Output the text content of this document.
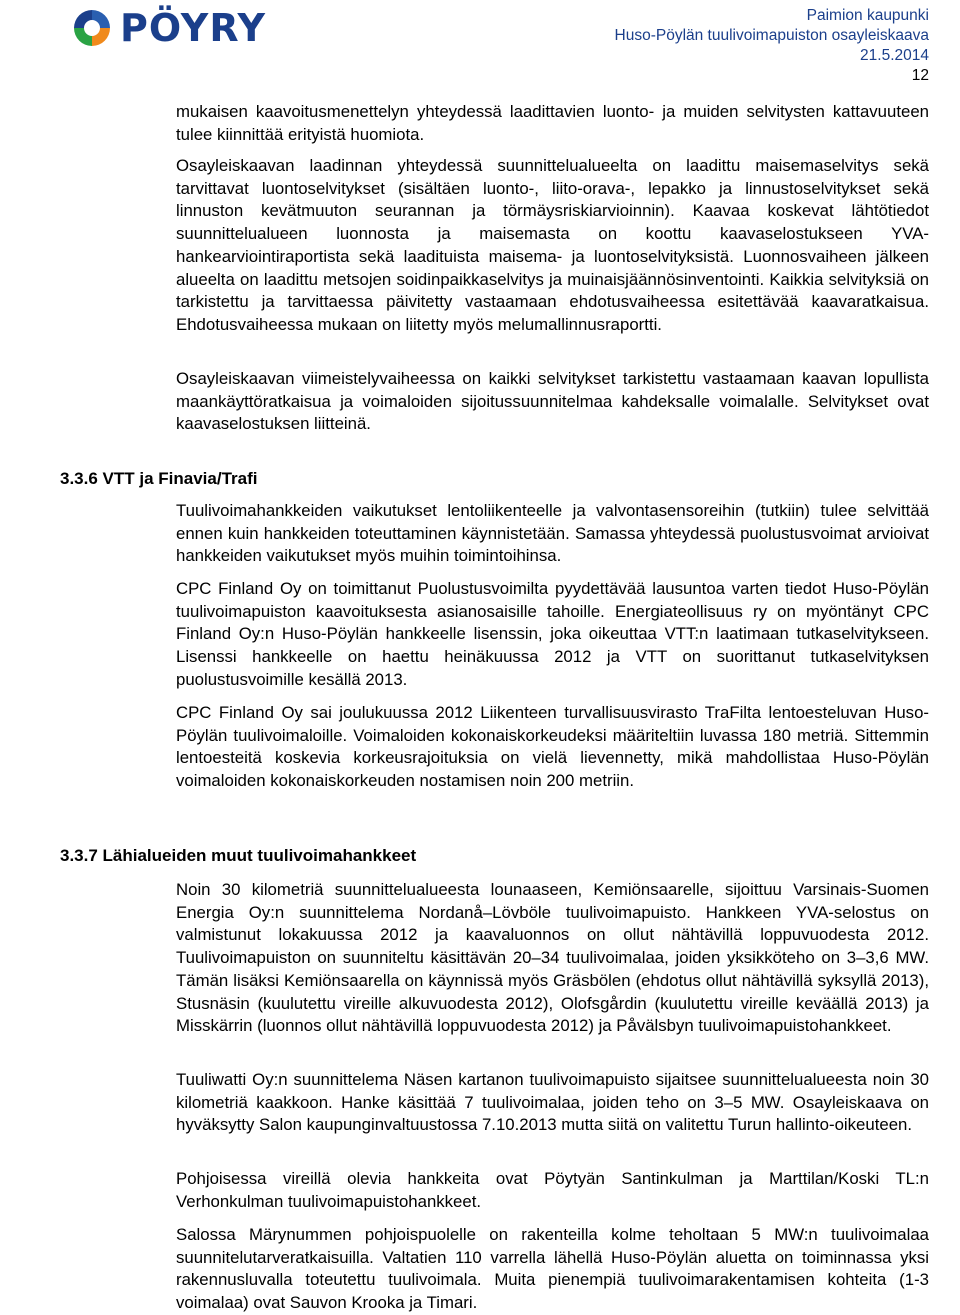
PÖYRY	Paimion kaupunki
Huso-Pöylän tuulivoimapuiston osayleiskaava
21.5.2014
12

mukaisen kaavoitusmenettelyn yhteydessä laadittavien luonto- ja muiden selvitysten kattavuuteen tulee kiinnittää erityistä huomiota.

Osayleiskaavan laadinnan yhteydessä suunnittelualueelta on laadittu maisemaselvitys sekä tarvittavat luontoselvitykset (sisältäen luonto-, liito-orava-, lepakko ja linnustoselvitykset sekä linnuston kevätmuuton seurannan ja törmäysriskiarvioinnin). Kaavaa koskevat lähtötiedot suunnittelualueen luonnosta ja maisemasta on koottu kaavaselostukseen YVA-hankearviointiraportista sekä laadituista maisema- ja luontoselvityksistä. Luonnosvaiheen jälkeen alueelta on laadittu metsojen soidinpaikkaselvitys ja muinaisjäännösinventointi. Kaikkia selvityksiä on tarkistettu ja tarvittaessa päivitetty vastaamaan ehdotusvaiheessa esitettävää kaavaratkaisua. Ehdotusvaiheessa mukaan on liitetty myös melumallinnusraportti.

Osayleiskaavan viimeistelyvaiheessa on kaikki selvitykset tarkistettu vastaamaan kaavan lopullista maankäyttöratkaisua ja voimaloiden sijoitussuunnitelmaa kahdeksalle voimalalle. Selvitykset ovat kaavaselostuksen liitteinä.

3.3.6 VTT ja Finavia/Trafi

Tuulivoimahankkeiden vaikutukset lentoliikenteelle ja valvontasensoreihin (tutkiin) tulee selvittää ennen kuin hankkeiden toteuttaminen käynnistetään. Samassa yhteydessä puolustusvoimat arvioivat hankkeiden vaikutukset myös muihin toimintoihinsa.

CPC Finland Oy on toimittanut Puolustusvoimilta pyydettävää lausuntoa varten tiedot Huso-Pöylän tuulivoimapuiston kaavoituksesta asianosaisille tahoille. Energiateollisuus ry on myöntänyt CPC Finland Oy:n Huso-Pöylän hankkeelle lisenssin, joka oikeuttaa VTT:n laatimaan tutkaselvitykseen. Lisenssi hankkeelle on haettu heinäkuussa 2012 ja VTT on suorittanut tutkaselvityksen puolustusvoimille kesällä 2013.

CPC Finland Oy sai joulukuussa 2012 Liikenteen turvallisuusvirasto TraFilta lentoesteluvan Huso-Pöylän tuulivoimaloille. Voimaloiden kokonaiskorkeudeksi määriteltiin luvassa 180 metriä. Sittemmin lentoesteitä koskevia korkeusrajoituksia on vielä lievennetty, mikä mahdollistaa Huso-Pöylän voimaloiden kokonaiskorkeuden nostamisen noin 200 metriin.

3.3.7 Lähialueiden muut tuulivoimahankkeet

Noin 30 kilometriä suunnittelualueesta lounaaseen, Kemiönsaarelle, sijoittuu Varsinais-Suomen Energia Oy:n suunnittelema Nordanå–Lövböle tuulivoimapuisto. Hankkeen YVA-selostus on valmistunut lokakuussa 2012 ja kaavaluonnos on ollut nähtävillä loppuvuodesta 2012. Tuulivoimapuiston on suunniteltu käsittävän 20–34 tuulivoimalaa, joiden yksikköteho on 3–3,6 MW. Tämän lisäksi Kemiönsaarella on käynnissä myös Gräsbölen (ehdotus ollut nähtävillä syksyllä 2013), Stusnäsin (kuulutettu vireille alkuvuodesta 2012), Olofsgårdin (kuulutettu vireille keväällä 2013) ja Misskärrin (luonnos ollut nähtävillä loppuvuodesta 2012) ja Påvälsbyn tuulivoimapuistohankkeet.

Tuuliwatti Oy:n suunnittelema Näsen kartanon tuulivoimapuisto sijaitsee suunnittelualueesta noin 30 kilometriä kaakkoon. Hanke käsittää 7 tuulivoimalaa, joiden teho on 3–5 MW. Osayleiskaava on hyväksytty Salon kaupunginvaltuustossa 7.10.2013 mutta siitä on valitettu Turun hallinto-oikeuteen.

Pohjoisessa vireillä olevia hankkeita ovat Pöytyän Santinkulman ja Marttilan/Koski TL:n Verhonkulman tuulivoimapuistohankkeet.

Salossa Märynummen pohjoispuolelle on rakenteilla kolme teholtaan 5 MW:n tuulivoimalaa suunnitelutarveratkaisuilla. Valtatien 110 varrella lähellä Huso-Pöylän aluetta on toiminnassa yksi rakennusluvalla toteutettu tuulivoimala. Muita pienempiä tuulivoimarakentamisen kohteita (1-3 voimalaa) ovat Sauvon Krooka ja Timari.
